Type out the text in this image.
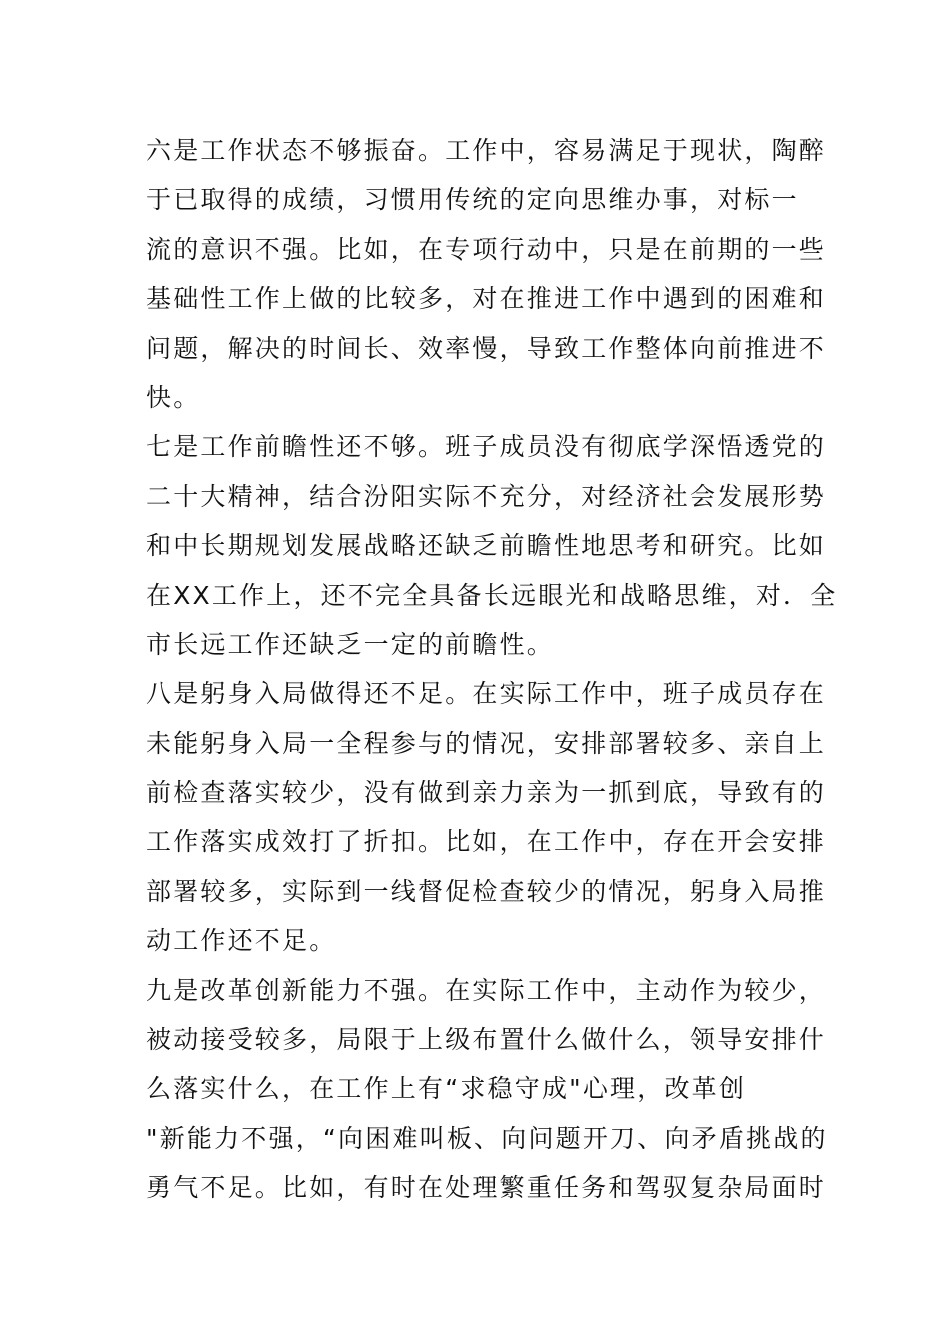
六是工作状态不够振奋。工作中，容易满足于现状，陶醉
于已取得的成绩，习惯用传统的定向思维办事，对标一
流的意识不强。比如，在专项行动中，只是在前期的一些
基础性工作上做的比较多，对在推进工作中遇到的困难和
问题，解决的时间长、效率慢，导致工作整体向前推进不
快。
七是工作前瞻性还不够。班子成员没有彻底学深悟透党的
二十大精神，结合汾阳实际不充分，对经济社会发展形势
和中长期规划发展战略还缺乏前瞻性地思考和研究。比如
在XX工作上，还不完全具备长远眼光和战略思维，对．全
市长远工作还缺乏一定的前瞻性。
八是躬身入局做得还不足。在实际工作中，班子成员存在
未能躬身入局一全程参与的情况，安排部署较多、亲自上
前检查落实较少，没有做到亲力亲为一抓到底，导致有的
工作落实成效打了折扣。比如，在工作中，存在开会安排
部署较多，实际到一线督促检查较少的情况，躬身入局推
动工作还不足。
九是改革创新能力不强。在实际工作中，主动作为较少，
被动接受较多，局限于上级布置什么做什么，领导安排什
么落实什么，在工作上有“求稳守成"心理，改革创
"新能力不强，“向困难叫板、向问题开刀、向矛盾挑战的
勇气不足。比如，有时在处理繁重任务和驾驭复杂局面时
